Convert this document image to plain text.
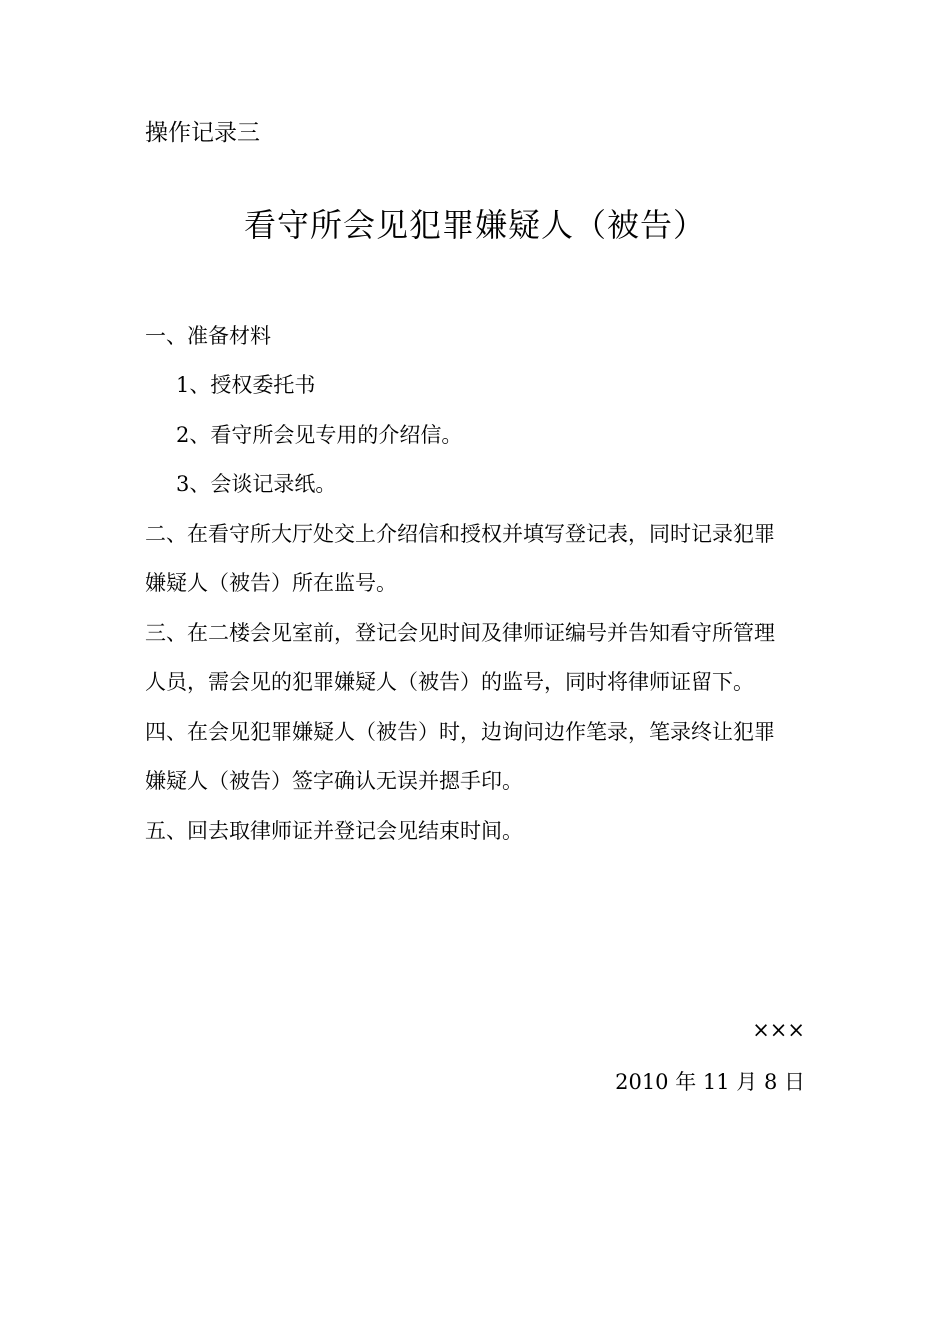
操作记录三
看守所会见犯罪嫌疑人（被告）
一、准备材料
1、授权委托书
2、看守所会见专用的介绍信。
3、会谈记录纸。
二、在看守所大厅处交上介绍信和授权并填写登记表，同时记录犯罪
嫌疑人（被告）所在监号。
三、在二楼会见室前，登记会见时间及律师证编号并告知看守所管理
人员，需会见的犯罪嫌疑人（被告）的监号，同时将律师证留下。
四、在会见犯罪嫌疑人（被告）时，边询问边作笔录，笔录终让犯罪
嫌疑人（被告）签字确认无误并摁手印。
五、回去取律师证并登记会见结束时间。
×××
2010 年 11 月 8 日
